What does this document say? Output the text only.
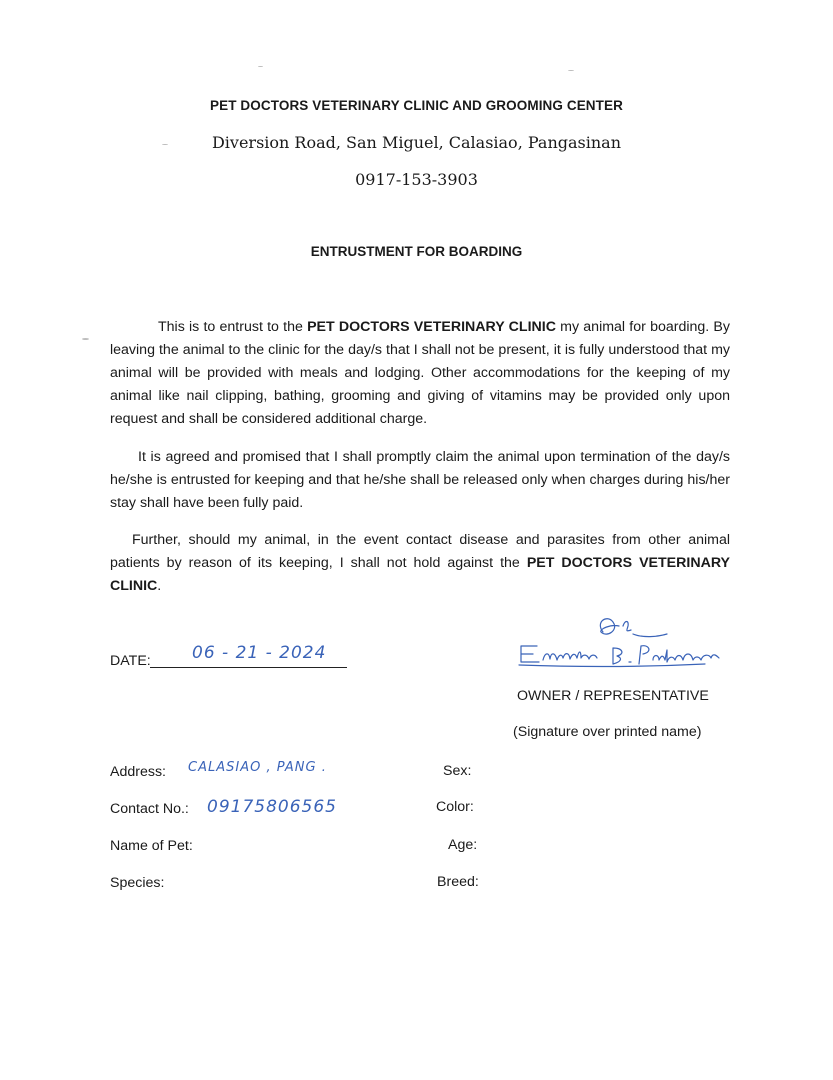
PET DOCTORS VETERINARY CLINIC AND GROOMING CENTER
Diversion Road, San Miguel, Calasiao, Pangasinan
0917-153-3903
ENTRUSTMENT FOR BOARDING

This is to entrust to the PET DOCTORS VETERINARY CLINIC my animal for boarding. By leaving the animal to the clinic for the day/s that I shall not be present, it is fully understood that my animal will be provided with meals and lodging. Other accommodations for the keeping of my animal like nail clipping, bathing, grooming and giving of vitamins may be provided only upon request and shall be considered additional charge.

It is agreed and promised that I shall promptly claim the animal upon termination of the day/s he/she is entrusted for keeping and that he/she shall be released only when charges during his/her stay shall have been fully paid.

Further, should my animal, in the event contact disease and parasites from other animal patients by reason of its keeping, I shall not hold against the PET DOCTORS VETERINARY CLINIC.

DATE: 06 - 21 - 2024
OWNER / REPRESENTATIVE
(Signature over printed name)
Address: CALASIAO , PANG .
Contact No.: 09175806565
Name of Pet:
Species:
Sex:
Color:
Age:
Breed:
